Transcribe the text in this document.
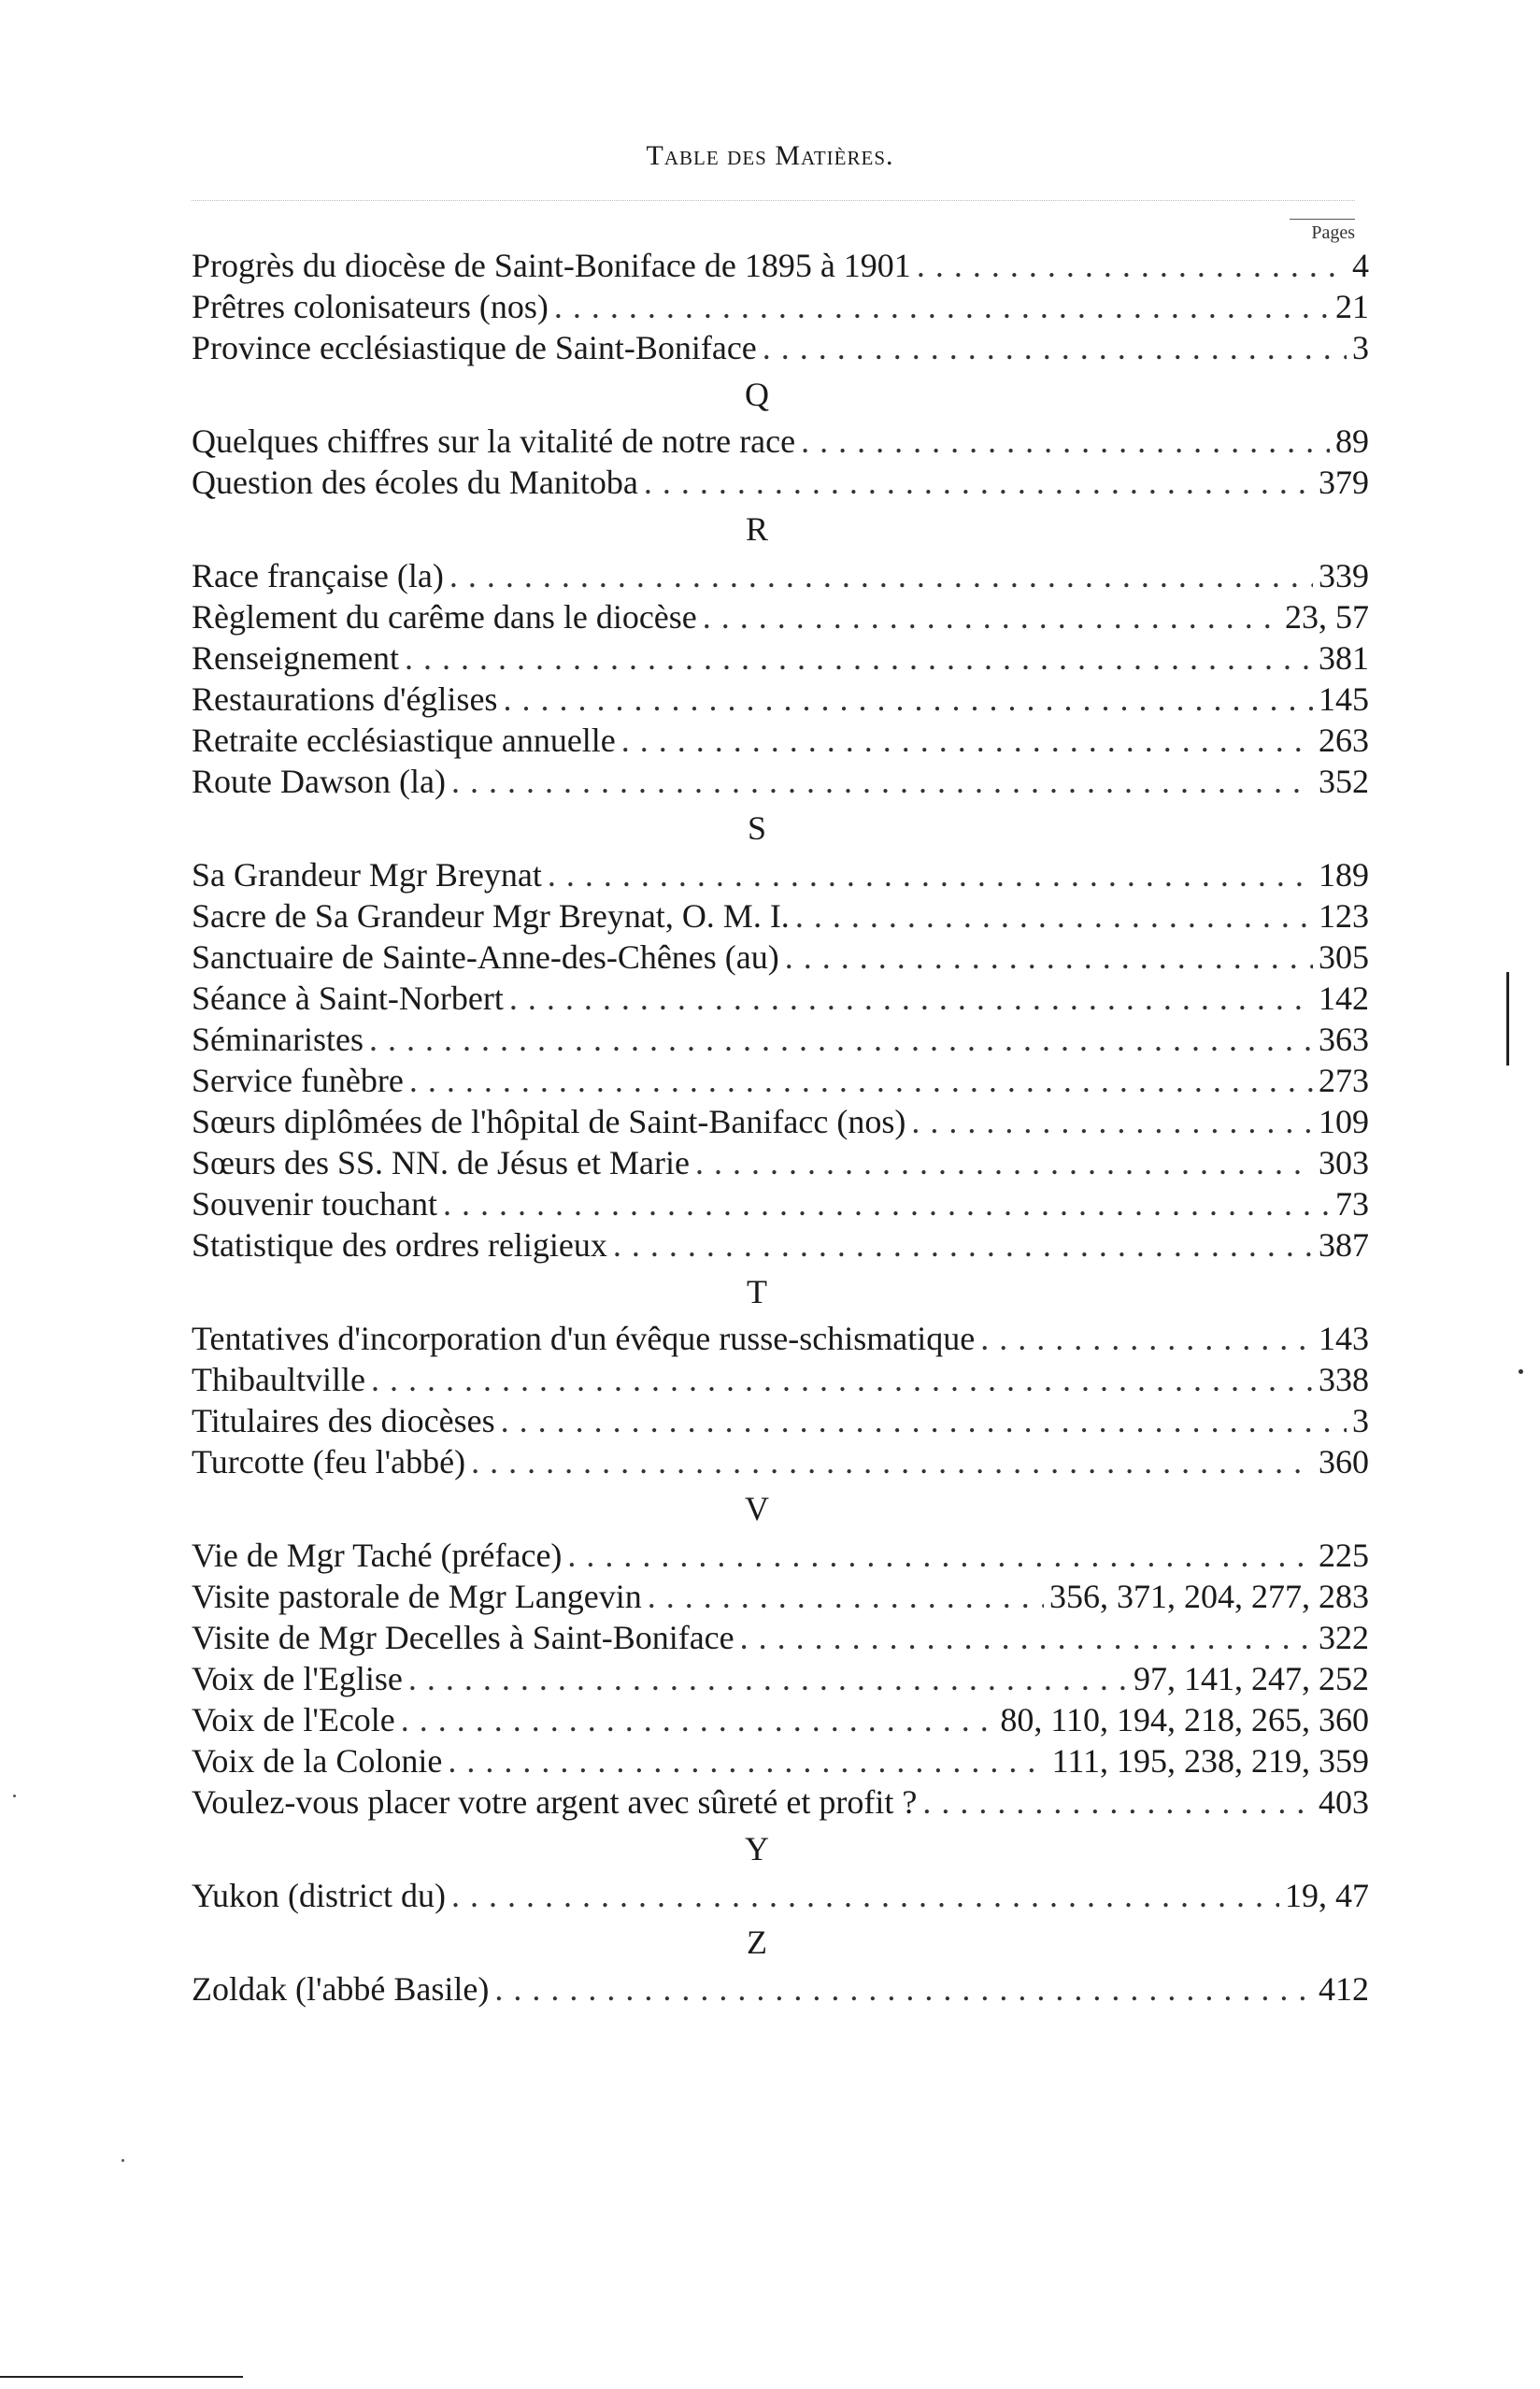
Table des Matières.
Pages
Progrès du diocèse de Saint-Boniface de 1895 à 1901 . . .	4
Prêtres colonisateurs (nos) . . .	21
Province ecclésiastique de Saint-Boniface . . .	3
Q
Quelques chiffres sur la vitalité de notre race . . .	89
Question des écoles du Manitoba . . .	379
R
Race française (la) . . .	339
Règlement du carême dans le diocèse . . .	23, 57
Renseignement . . .	381
Restaurations d'églises . . .	145
Retraite ecclésiastique annuelle . . .	263
Route Dawson (la) . . .	352
S
Sa Grandeur Mgr Breynat . . .	189
Sacre de Sa Grandeur Mgr Breynat, O. M. I. . . .	123
Sanctuaire de Sainte-Anne-des-Chênes (au) . . .	305
Séance à Saint-Norbert . . .	142
Séminaristes . . .	363
Service funèbre . . .	273
Sœurs diplômées de l'hôpital de Saint-Banifacc (nos) . . .	109
Sœurs des SS. NN. de Jésus et Marie . . .	303
Souvenir touchant . . .	73
Statistique des ordres religieux . . .	387
T
Tentatives d'incorporation d'un évêque russe-schismatique . . .	143
Thibaultville . . .	338
Titulaires des diocèses . . .	3
Turcotte (feu l'abbé) . . .	360
V
Vie de Mgr Taché (préface) . . .	225
Visite pastorale de Mgr Langevin . . .	356, 371, 204, 277, 283
Visite de Mgr Decelles à Saint-Boniface . . .	322
Voix de l'Eglise . . .	97, 141, 247, 252
Voix de l'Ecole . . .	80, 110, 194, 218, 265, 360
Voix de la Colonie . . .	111, 195, 238, 219, 359
Voulez-vous placer votre argent avec sûreté et profit ? . . .	403
Y
Yukon (district du) . . .	19, 47
Z
Zoldak (l'abbé Basile) . . .	412
